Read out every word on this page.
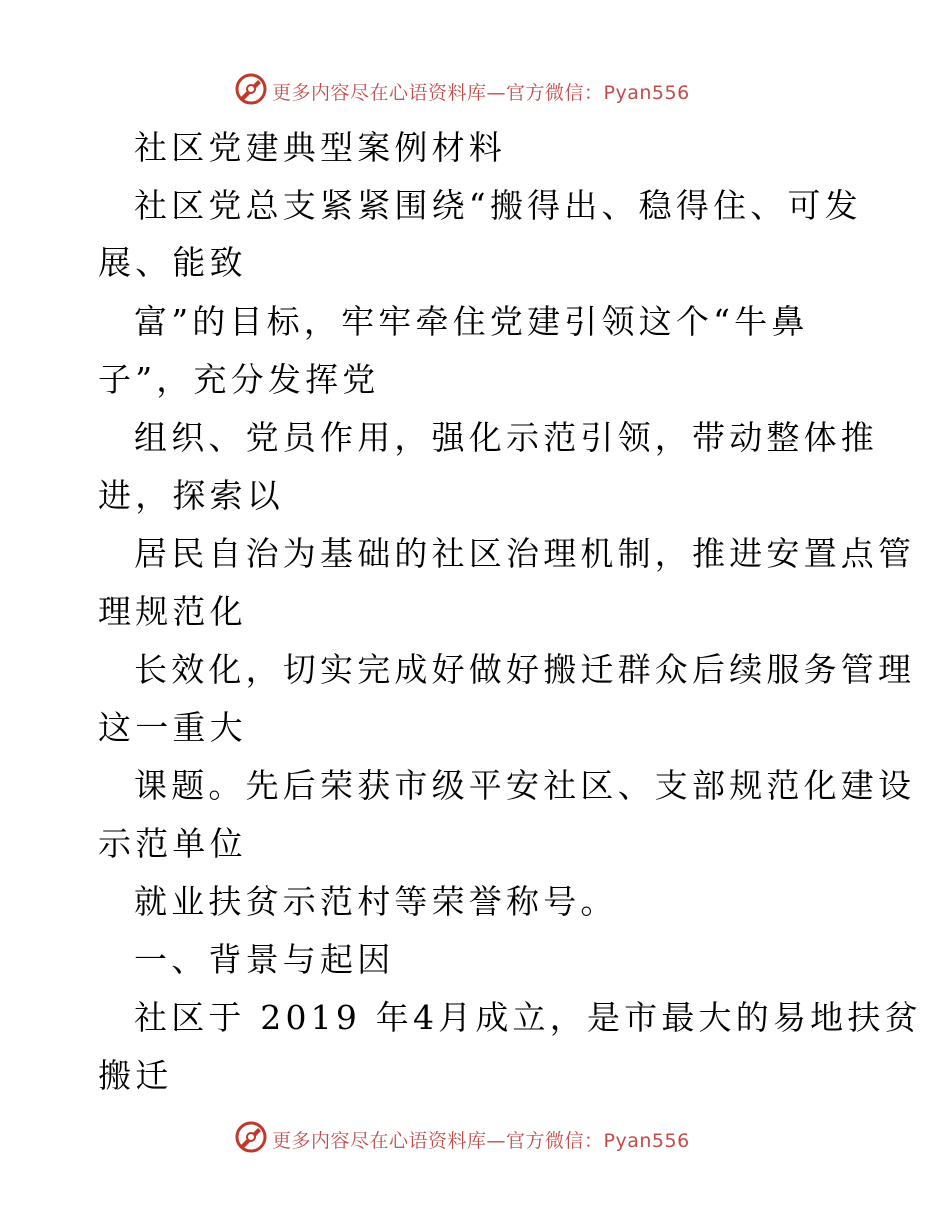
更多内容尽在心语资料库—官方微信：Pyan556
社区党建典型案例材料
社区党总支紧紧围绕“搬得出、稳得住、可发
展、能致
富”的目标，牢牢牵住党建引领这个“牛鼻
子”，充分发挥党
组织、党员作用，强化示范引领，带动整体推
进，探索以
居民自治为基础的社区治理机制，推进安置点管
理规范化
长效化，切实完成好做好搬迁群众后续服务管理
这一重大
课题。先后荣获市级平安社区、支部规范化建设
示范单位
就业扶贫示范村等荣誉称号。
一、背景与起因
社区于 2019 年4月成立，是市最大的易地扶贫
搬迁
更多内容尽在心语资料库—官方微信：Pyan556
